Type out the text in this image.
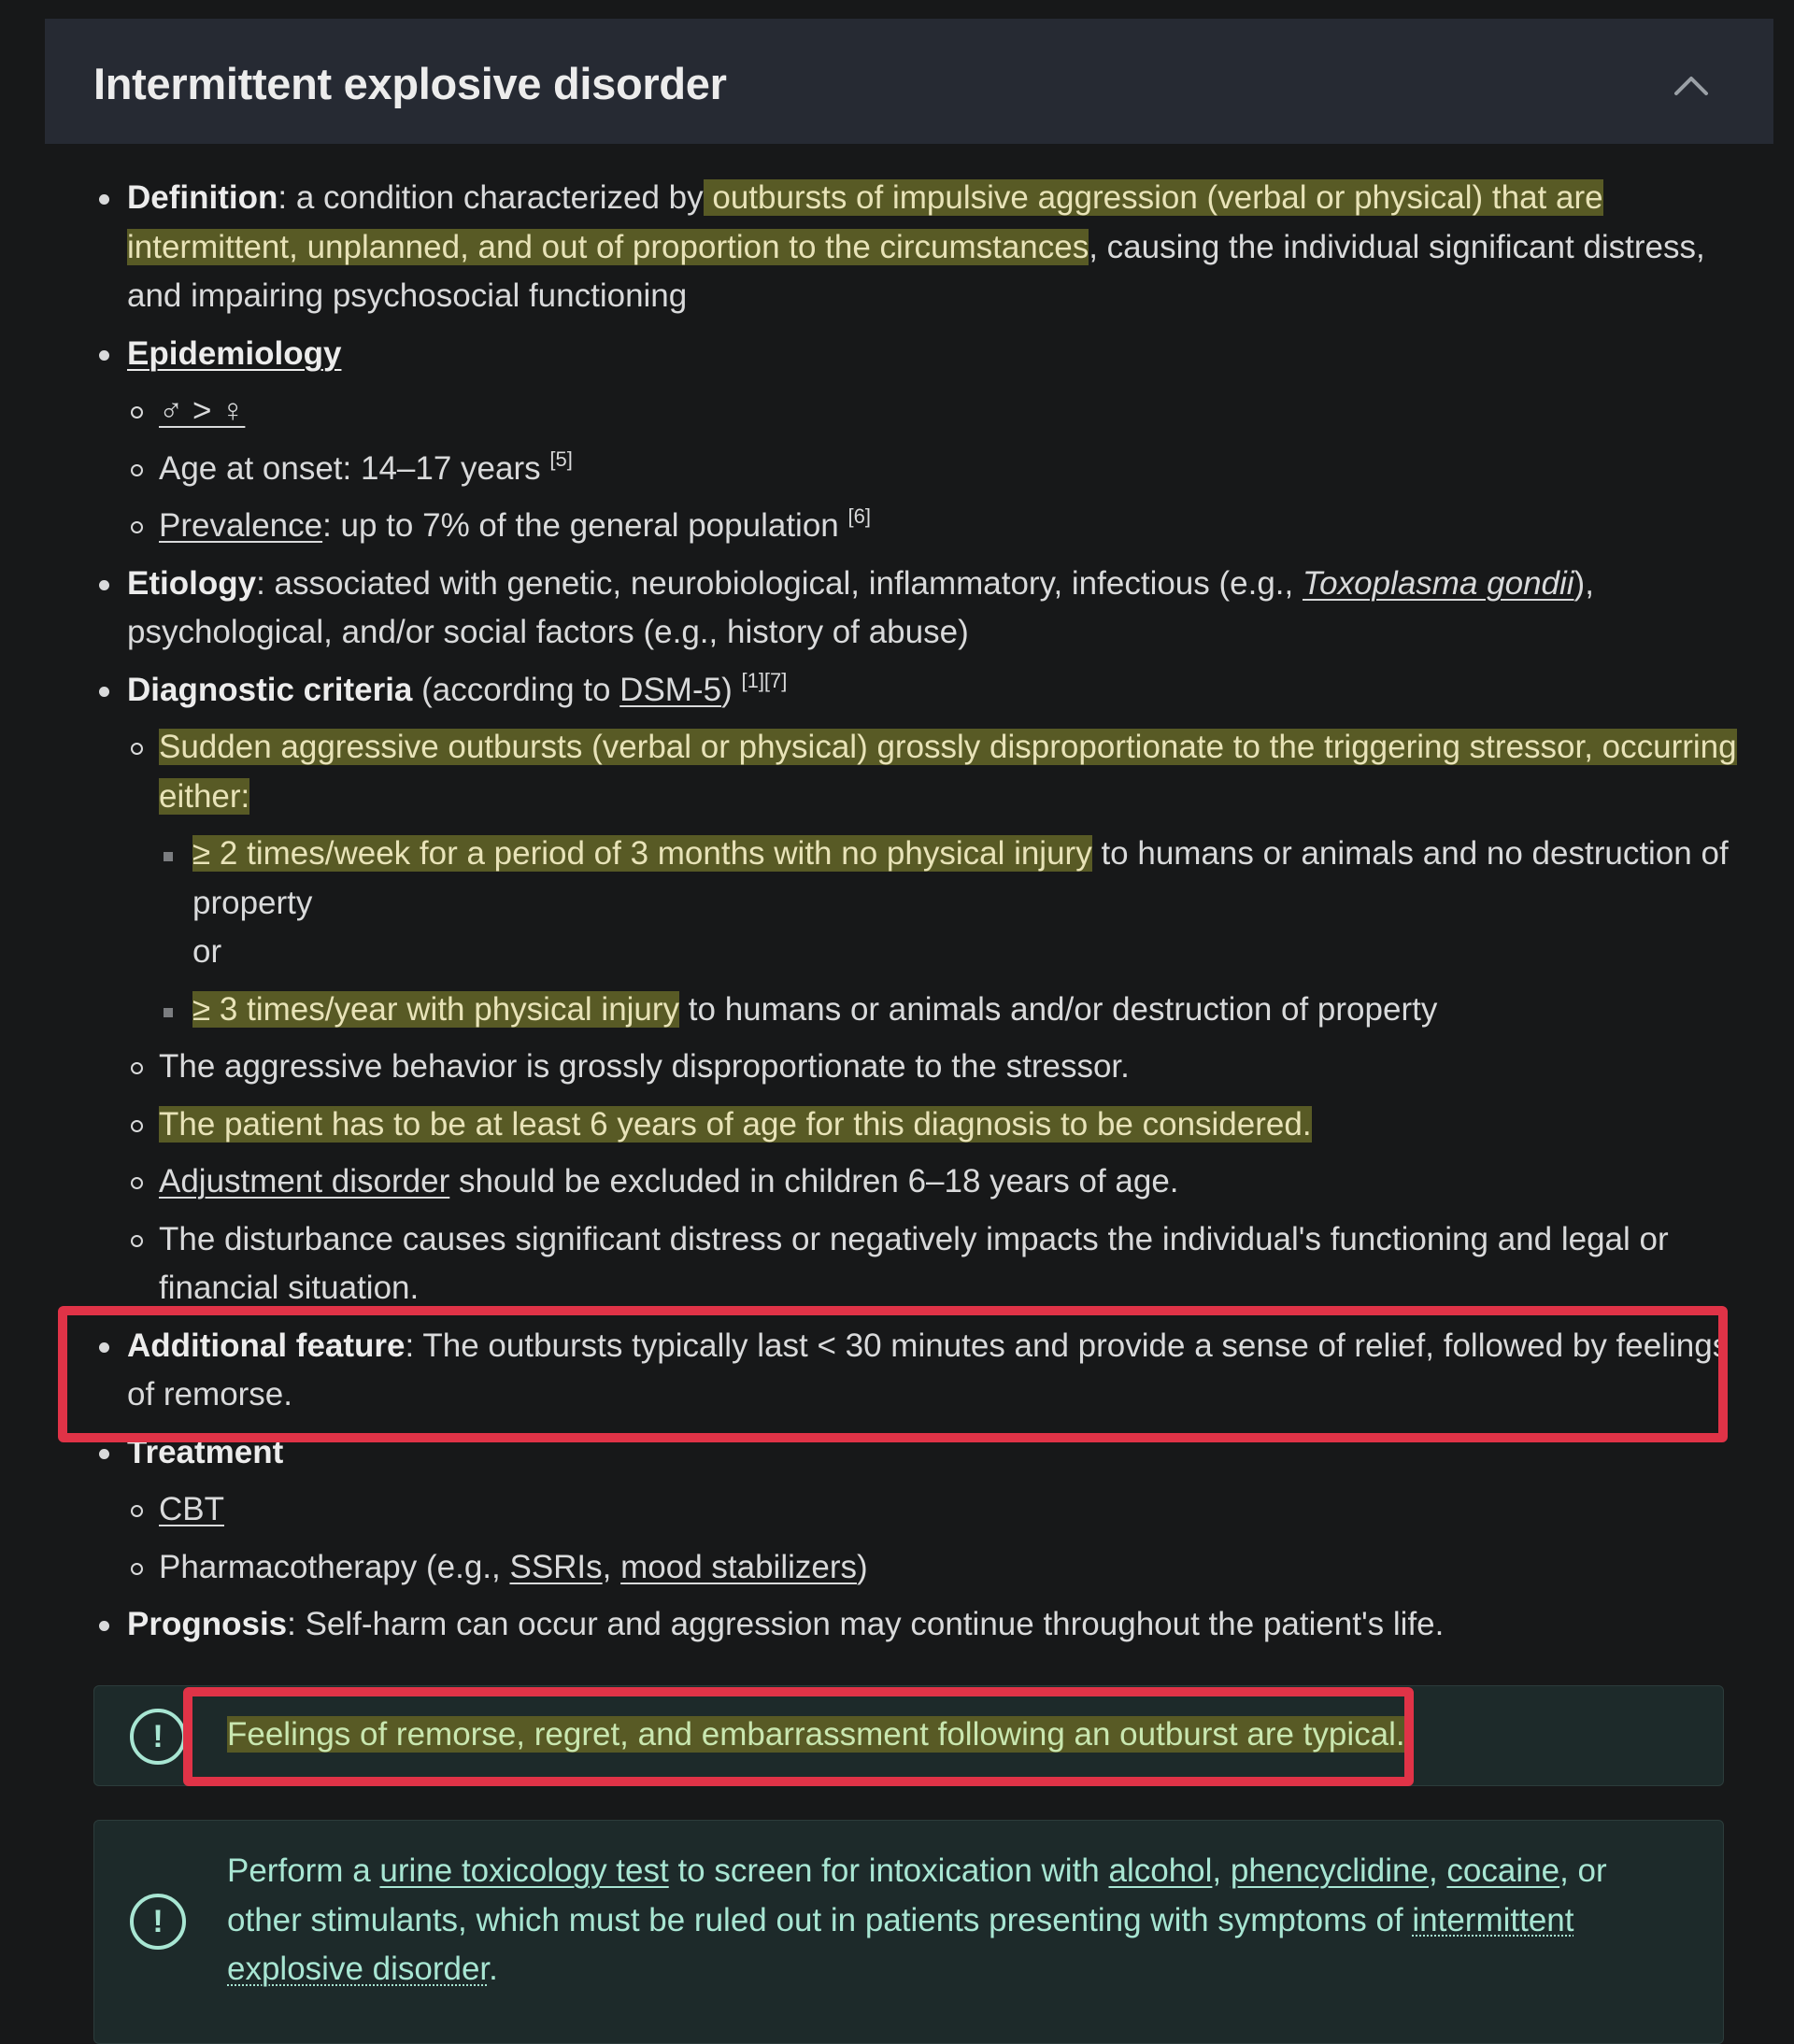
Intermittent explosive disorder
Definition: a condition characterized by outbursts of impulsive aggression (verbal or physical) that are intermittent, unplanned, and out of proportion to the circumstances, causing the individual significant distress, and impairing psychosocial functioning
Epidemiology
♂ > ♀
Age at onset: 14–17 years [5]
Prevalence: up to 7% of the general population [6]
Etiology: associated with genetic, neurobiological, inflammatory, infectious (e.g., Toxoplasma gondii), psychological, and/or social factors (e.g., history of abuse)
Diagnostic criteria (according to DSM-5) [1][7]
Sudden aggressive outbursts (verbal or physical) grossly disproportionate to the triggering stressor, occurring either:
≥ 2 times/week for a period of 3 months with no physical injury to humans or animals and no destruction of property
or
≥ 3 times/year with physical injury to humans or animals and/or destruction of property
The aggressive behavior is grossly disproportionate to the stressor.
The patient has to be at least 6 years of age for this diagnosis to be considered.
Adjustment disorder should be excluded in children 6–18 years of age.
The disturbance causes significant distress or negatively impacts the individual's functioning and legal or financial situation.
Additional feature: The outbursts typically last < 30 minutes and provide a sense of relief, followed by feelings of remorse.
Treatment
CBT
Pharmacotherapy (e.g., SSRIs, mood stabilizers)
Prognosis: Self-harm can occur and aggression may continue throughout the patient's life.
!	Feelings of remorse, regret, and embarrassment following an outburst are typical.
!
Perform a urine toxicology test to screen for intoxication with alcohol, phencyclidine, cocaine, or other stimulants, which must be ruled out in patients presenting with symptoms of intermittent explosive disorder.
